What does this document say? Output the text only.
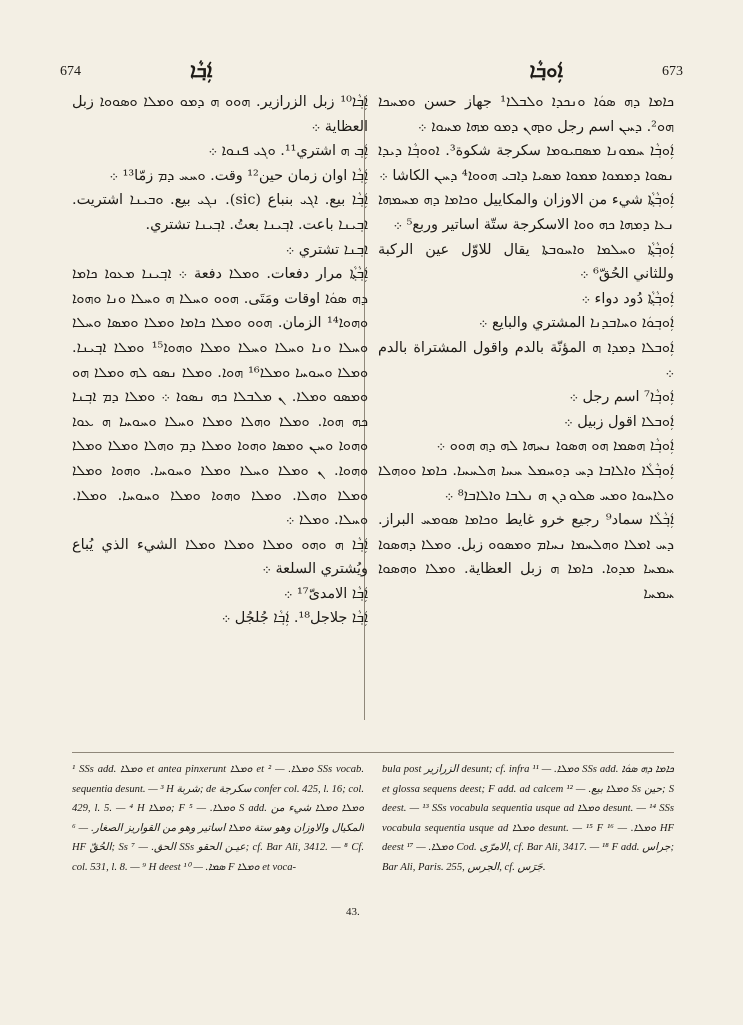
674	ܐܲܒ݂ܵܐ	ܐܲܘܒ݂ܵܐ	673

ܟܐܡܐ ܕܗ ܣܘܿܐ ܘܢܟܕܐ ܘܠܒܠܐ¹ جهاز حسن ܘܡܚܟܐ ܗܘ². ܕܚܢ اسم رجل ܘܕܗܢ ܕܡܘ ܡܗܐ ܡܚܘܐ ܀

ܐܲܘܒ݂ܵܐ ܚܡܘܢܐ ܡܣܩܝܘܡܐ سكرجة شكوة³. ܐܘܘܒ݂ܵܐ ܕܝܕܐ ܢܣܘܐ ܕܡܡܘܐ ܡܡܘܐ ܡܣܝܐ ܕܐܒܝ ܗܘܘܐ⁴ ܕܚܢ الكاشا ܀

ܐܲܘܒ݂ܵܬ݂ܵܐ شيء من الاوزان والمكاييل ܘܟܐܡܐ ܕܗ ܡܚܡܗܐ ܢܥܐ ܕܡܗܐ ܟܗ ܘܘܐ الاسكرجة ستّة اساتير وربع⁵ ܀

ܐܲܘܒ݂ܵܬ݂ܵܐ ܘܚܠܡܐ ܘܐܚܘܒܬܐ يقال للاوّل عين الركبة وللثاني الحُقّ⁶ ܀

ܐܲܘܒ݂ܵܬ݂ܵܐ دُود دواء ܀

ܐܲܘܒ݂ܘܿܐ ܘܚܐܒܕܢܐ المشتري والبايع ܀

ܐܲܘܒܠܐ ܕܡܕܐ ܗ المؤنّة بالدم واقول المشتراة بالدم ܀

ܐܲܘܒ݂ܵܐ⁷ اسم رجل ܀

ܐܲܘܒܠܐ اقول زبيل ܀

ܐܲܘܒ݂ܵܐ ܗܣܡܐ ܗܘ ܗܣܘܐ ܢܚܗܐ ܠܗ ܕܗ ܗܘܘ ܀

ܐܲܘܒ݂ܵܠܵܐ ܘܐܠܐܒܐ ܕܚ ܕܘܚܡܠ ܚܚܐ ܗܠܚܚܐ. ܟܐܡܐ ܘܘܗܠܐ ܘܠܐܚܘܐ ܘܡܚ ܣܠܘ ܕܢ ܗ ܢܠܒܐ ܘܐܠܐܒܐ⁸ ܀

ܐܲܒ݂ܵܠܵܐ سماد⁹ رجيع خرو غايط ܘܟܐܡܐ ܣܘܡܚ البراز. ܕܚ ܐܡܠܐ ܘܗܠܚܡܐ ܢܚܐܡ ܘܡܣܘܘ زبل. ܘܡܠܐ ܕܗܣܘܐ ܚܡܚܐ ܡܕܘܐ. ܟܐܡܐ ܗ زبل العظاية. ܘܡܠܐ ܘܗܣܘܐ ܚܡܚܐ

ܐܲܒ݂ܵܐ¹⁰ زبل الزرازير. ܗܘܘ ܗ ܕܡܘ ܘܡܠܐ ܘܣܘܘܐ زبل العظاية ܀

ܐܲܒ݂ ܗ اشتري¹¹. ܘܓܝ ܦܢܘܐ ܀

ܐܲܒ݂ܵܐ اوان زمان حين¹² وقت. ܘܚܚ ܕܡ زمّا¹³ ܀

ܐܲܒ݂ܵܐ بيع. ܐܓܝ بنباع (sic). ܢܓܝ بيع. ܘܒܝܢܐ اشتريت. ܐܒ݂ܝܢܐ باعت. ܐܒ݂ܝܢܐ بعتُ. ܐܒ݂ܝܢܐ تشتري.

ܐܒ݂ܢܐ تشتري ܀

ܐܲܒ݂ܵܬ݂ܵܐ مرار دفعات. ܘܡܠܐ دفعة ܀ ܐܒ݂ܝܢܐ ܡܥܘܐ ܟܐܡܐ ܕܗ ܣܘܿܐ اوقات ومَتَى. ܗܘܘ ܘܚܠܐ ܗ ܘܚܠܐ ܘܢܐ ܘܗܘܐ ܘܗܘܐ¹⁴ الزمان. ܗܘܘ ܘܡܠܐ ܟܐܡܐ ܘܡܠܐ ܘܡܣܐ ܘܚܠܐ ܘܚܠܐ ܘܢܐ ܘܚܠܐ ܘܚܠܐ ܘܡܠܐ ܘܗܘܐ¹⁵ ܘܡܠܐ ܐܒ݂ܝܢܐ. ܘܡܠܐ ܘܚܘܚܐ ܘܡܠܐ¹⁶ ܗܘܐ. ܘܡܠܐ ܢܣܘ ܠܗ ܘܡܠܐ ܗܘ ܘܡܣܘ ܘܡܠܐ. ܢ ܡܠܒܠܐ ܟܗ ܢܣܘܐ ܀ ܘܡܠܐ ܕܡ ܐܒ݂ܢܐ ܟܗ ܗܘܐ. ܘܡܠܐ ܘܗܠܐ ܘܡܠܐ ܘܚܠܐ ܘܚܘܚܐ ܗ ܥܘܐ ܘܗܘܐ ܘܚܢ ܘܡܣܐ ܘܗܘܐ ܘܡܠܐ ܕܡ ܘܗܠܐ ܘܡܠܐ ܘܡܠܐ ܘܗܘܐ. ܢ ܘܡܠܐ ܘܚܠܐ ܘܡܠܐ ܘܚܘܚܐ. ܘܗܘܐ ܘܡܠܐ ܘܡܠܐ ܘܗܠܐ. ܘܡܠܐ ܘܗܘܐ ܘܡܠܐ ܘܚܘܚܐ. ܘܡܠܐ. ܘܚܠܐ. ܘܡܠܐ ܀

ܐܲܒ݂ܵܐ ܗ ܘܗܘ ܘܡܠܐ ܘܡܠܐ ܘܡܠܐ الشيء الذي يُباع ويُشتري السلعة ܀

ܐܲܒ݂ܵܐ الامدىّ¹⁷ ܀

ܐܲܒ݂ܵܐ جلاجل¹⁸. ܐܲܒ݂ܵܐ جُلجُل ܀

¹ SSs add. ܘܡܠܐ et antea pinxerunt ܘܡܠܐ et ܘܡܠܐ. — ² SSs vocab. sequentia desunt. — ³ H شربة; de سكرجة confer col. 425, l. 16; col. 429, l. 5. — ⁴ H ܘܡܠܐ; F ܘܡܠܐ. — ⁵ S add. ܘܡܠܐ ܘܡܠܐ شيء من المكيال والاوزان وهو ستة ܘܡܠܐ اساتير وهو من القواريز الصغار. — ⁶ HF الحُقّ; Ss الحق. — ⁷ SSs عيـن الحقو; cf. Bar Ali, 3412. — ⁸ Cf. col. 531, l. 8. — ⁹ H deest ܣܡܐ. — ¹⁰ F ܘܡܠܐ et voca-
bula post الزرازير desunt; cf. infra ܘܡܠܐ. — ¹¹ SSs add. ܟܐܡܐ ܕܗ ܣܘܿܐ et glossa sequens deest; F add. ad calcem ܘܡܠܐ بيع. — ¹² Ss حين; S deest. — ¹³ SSs vocabula sequentia usque ad ܘܡܠܐ desunt. — ¹⁴ SSs vocabula sequentia usque ad ܘܡܠܐ desunt. — ¹⁵ F ܘܡܠܐ. — ¹⁶ HF deest ܘܡܠܐ. — ¹⁷ Cod. الامرّى, cf. Bar Ali, 3417. — ¹⁸ F add. جراس; Bar Ali, Paris. 255, الجرس, cf. جَرَس.
43.
